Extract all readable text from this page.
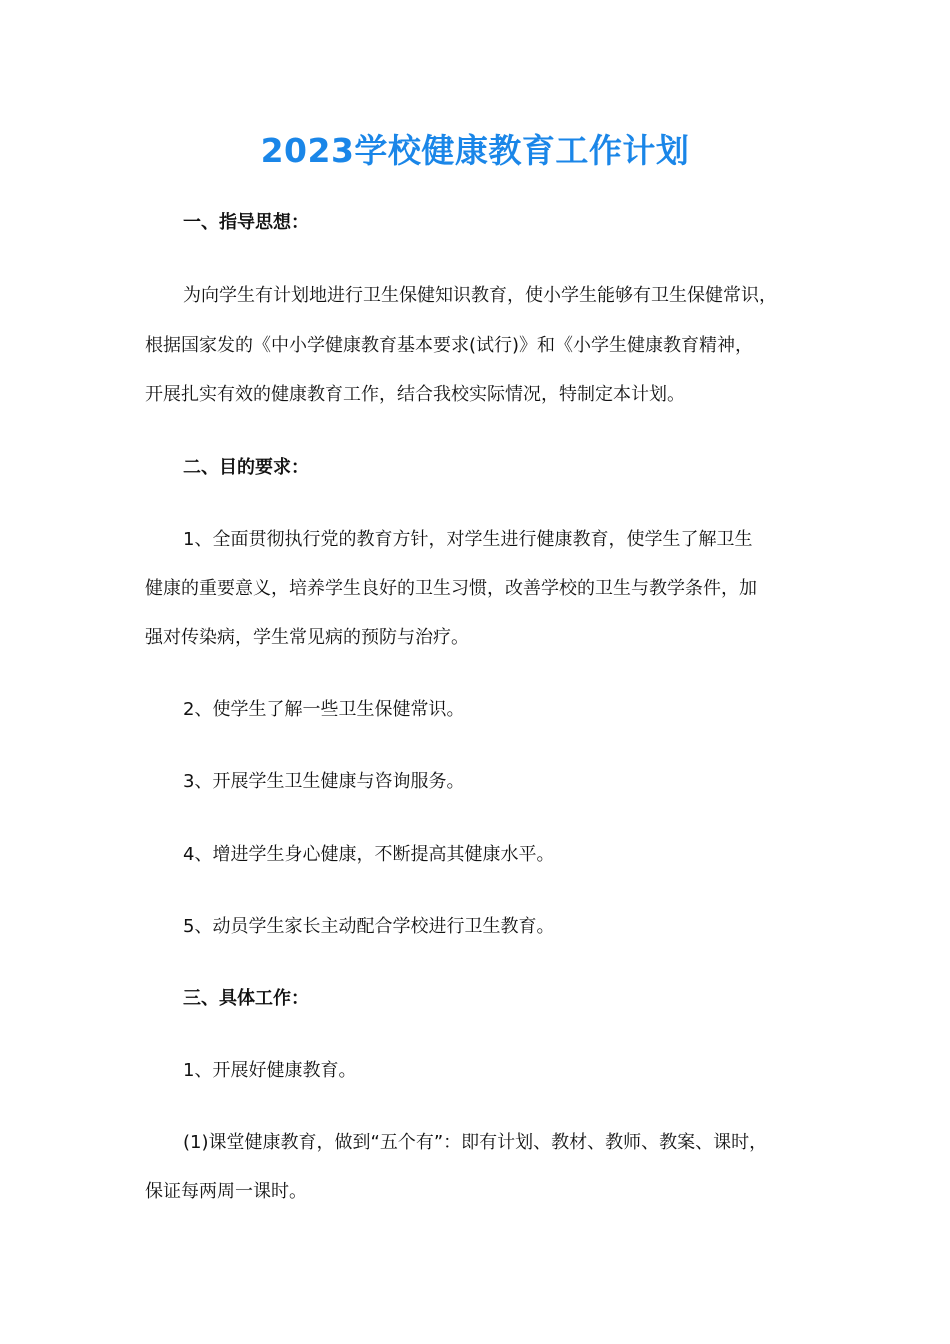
2023学校健康教育工作计划
一、指导思想：
为向学生有计划地进行卫生保健知识教育，使小学生能够有卫生保健常识，
根据国家发的《中小学健康教育基本要求(试行)》和《小学生健康教育精神，
开展扎实有效的健康教育工作，结合我校实际情况，特制定本计划。
二、目的要求：
1、全面贯彻执行党的教育方针，对学生进行健康教育，使学生了解卫生
健康的重要意义，培养学生良好的卫生习惯，改善学校的卫生与教学条件，加
强对传染病，学生常见病的预防与治疗。
2、使学生了解一些卫生保健常识。
3、开展学生卫生健康与咨询服务。
4、增进学生身心健康，不断提高其健康水平。
5、动员学生家长主动配合学校进行卫生教育。
三、具体工作：
1、开展好健康教育。
(1)课堂健康教育，做到“五个有”：即有计划、教材、教师、教案、课时，
保证每两周一课时。
